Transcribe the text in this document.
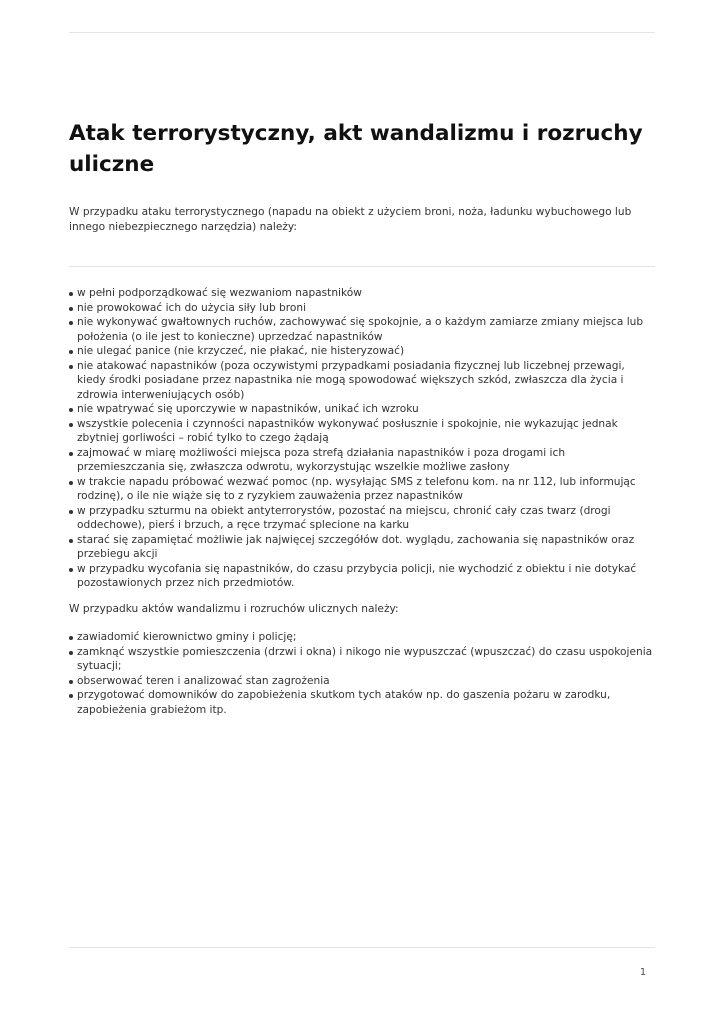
Atak terrorystyczny, akt wandalizmu i rozruchy uliczne

W przypadku ataku terrorystycznego (napadu na obiekt z użyciem broni, noża, ładunku wybuchowego lub innego niebezpiecznego narzędzia) należy:

w pełni podporządkować się wezwaniom napastników
nie prowokować ich do użycia siły lub broni
nie wykonywać gwałtownych ruchów, zachowywać się spokojnie, a o każdym zamiarze zmiany miejsca lub położenia (o ile jest to konieczne) uprzedzać napastników
nie ulegać panice (nie krzyczeć, nie płakać, nie histeryzować)
nie atakować napastników (poza oczywistymi przypadkami posiadania fizycznej lub liczebnej przewagi, kiedy środki posiadane przez napastnika nie mogą spowodować większych szkód, zwłaszcza dla życia i zdrowia interweniujących osób)
nie wpatrywać się uporczywie w napastników, unikać ich wzroku
wszystkie polecenia i czynności napastników wykonywać posłusznie i spokojnie, nie wykazując jednak zbytniej gorliwości – robić tylko to czego żądają
zajmować w miarę możliwości miejsca poza strefą działania napastników i poza drogami ich przemieszczania się, zwłaszcza odwrotu, wykorzystując wszelkie możliwe zasłony
w trakcie napadu próbować wezwać pomoc (np. wysyłając SMS z telefonu kom. na nr 112, lub informując rodzinę), o ile nie wiąże się to z ryzykiem zauważenia przez napastników
w przypadku szturmu na obiekt antyterrorystów, pozostać na miejscu, chronić cały czas twarz (drogi oddechowe), pierś i brzuch, a ręce trzymać splecione na karku
starać się zapamiętać możliwie jak najwięcej szczegółów dot. wyglądu, zachowania się napastników oraz przebiegu akcji
w przypadku wycofania się napastników, do czasu przybycia policji, nie wychodzić z obiektu i nie dotykać pozostawionych przez nich przedmiotów.

W przypadku aktów wandalizmu i rozruchów ulicznych należy:

zawiadomić kierownictwo gminy i policję;
zamknąć wszystkie pomieszczenia (drzwi i okna) i nikogo nie wypuszczać (wpuszczać) do czasu uspokojenia sytuacji;
obserwować teren i analizować stan zagrożenia
przygotować domowników do zapobieżenia skutkom tych ataków np. do gaszenia pożaru w zarodku, zapobieżenia grabieżom itp.
1
